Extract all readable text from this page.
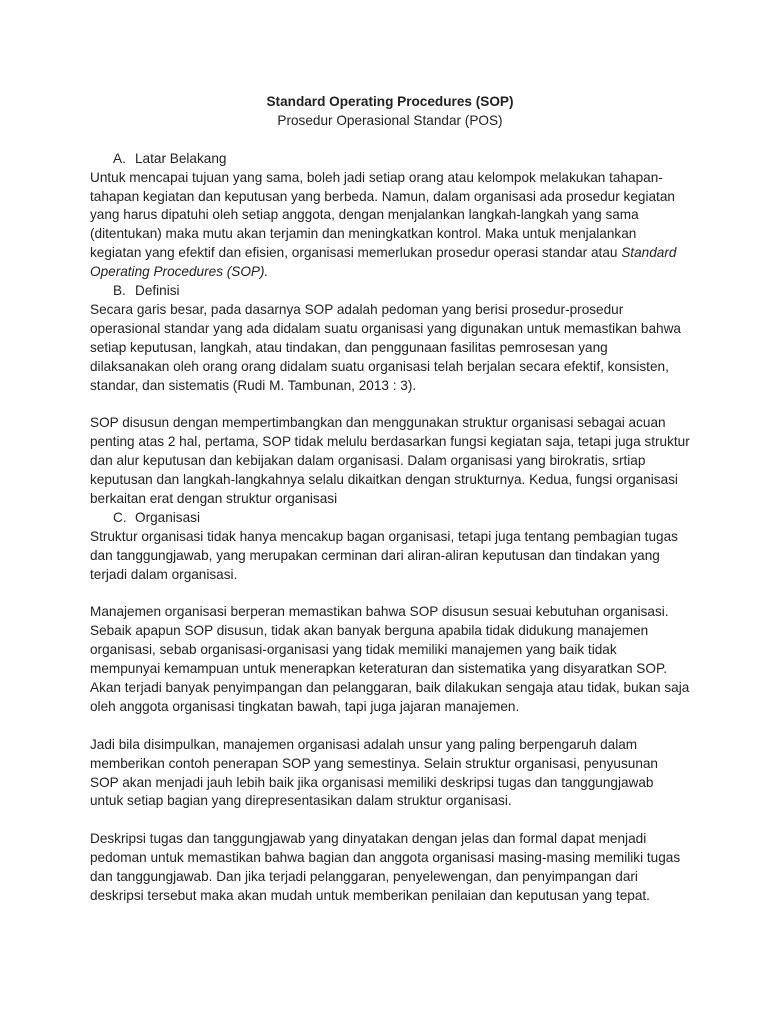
Standard Operating Procedures (SOP)

Prosedur Operasional Standar (POS)

A. Latar Belakang

Untuk mencapai tujuan yang sama, boleh jadi setiap orang atau kelompok melakukan tahapan-tahapan kegiatan dan keputusan yang berbeda. Namun, dalam organisasi ada prosedur kegiatan yang harus dipatuhi oleh setiap anggota, dengan menjalankan langkah-langkah yang sama (ditentukan) maka mutu akan terjamin dan meningkatkan kontrol. Maka untuk menjalankan kegiatan yang efektif dan efisien, organisasi memerlukan prosedur operasi standar atau Standard Operating Procedures (SOP).

B. Definisi

Secara garis besar, pada dasarnya SOP adalah pedoman yang berisi prosedur-prosedur operasional standar yang ada didalam suatu organisasi yang digunakan untuk memastikan bahwa setiap keputusan, langkah, atau tindakan, dan penggunaan fasilitas pemrosesan yang dilaksanakan oleh orang orang didalam suatu organisasi telah berjalan secara efektif, konsisten, standar, dan sistematis (Rudi M. Tambunan, 2013 : 3).

SOP disusun dengan mempertimbangkan dan menggunakan struktur organisasi sebagai acuan penting atas 2 hal, pertama, SOP tidak melulu berdasarkan fungsi kegiatan saja, tetapi juga struktur dan alur keputusan dan kebijakan dalam organisasi. Dalam organisasi yang birokratis, srtiap keputusan dan langkah-langkahnya selalu dikaitkan dengan strukturnya. Kedua, fungsi organisasi berkaitan erat dengan struktur organisasi

C. Organisasi

Struktur organisasi tidak hanya mencakup bagan organisasi, tetapi juga tentang pembagian tugas dan tanggungjawab, yang merupakan cerminan dari aliran-aliran keputusan dan tindakan yang terjadi dalam organisasi.

Manajemen organisasi berperan memastikan bahwa SOP disusun sesuai kebutuhan organisasi. Sebaik apapun SOP disusun, tidak akan banyak berguna apabila tidak didukung manajemen organisasi, sebab organisasi-organisasi yang tidak memiliki manajemen yang baik tidak mempunyai kemampuan untuk menerapkan keteraturan dan sistematika yang disyaratkan SOP. Akan terjadi banyak penyimpangan dan pelanggaran, baik dilakukan sengaja atau tidak, bukan saja oleh anggota organisasi tingkatan bawah, tapi juga jajaran manajemen.

Jadi bila disimpulkan, manajemen organisasi adalah unsur yang paling berpengaruh dalam memberikan contoh penerapan SOP yang semestinya. Selain struktur organisasi, penyusunan SOP akan menjadi jauh lebih baik jika organisasi memiliki deskripsi tugas dan tanggungjawab untuk setiap bagian yang direpresentasikan dalam struktur organisasi.

Deskripsi tugas dan tanggungjawab yang dinyatakan dengan jelas dan formal dapat menjadi pedoman untuk memastikan bahwa bagian dan anggota organisasi masing-masing memiliki tugas dan tanggungjawab. Dan jika terjadi pelanggaran, penyelewengan, dan penyimpangan dari deskripsi tersebut maka akan mudah untuk memberikan penilaian dan keputusan yang tepat.
